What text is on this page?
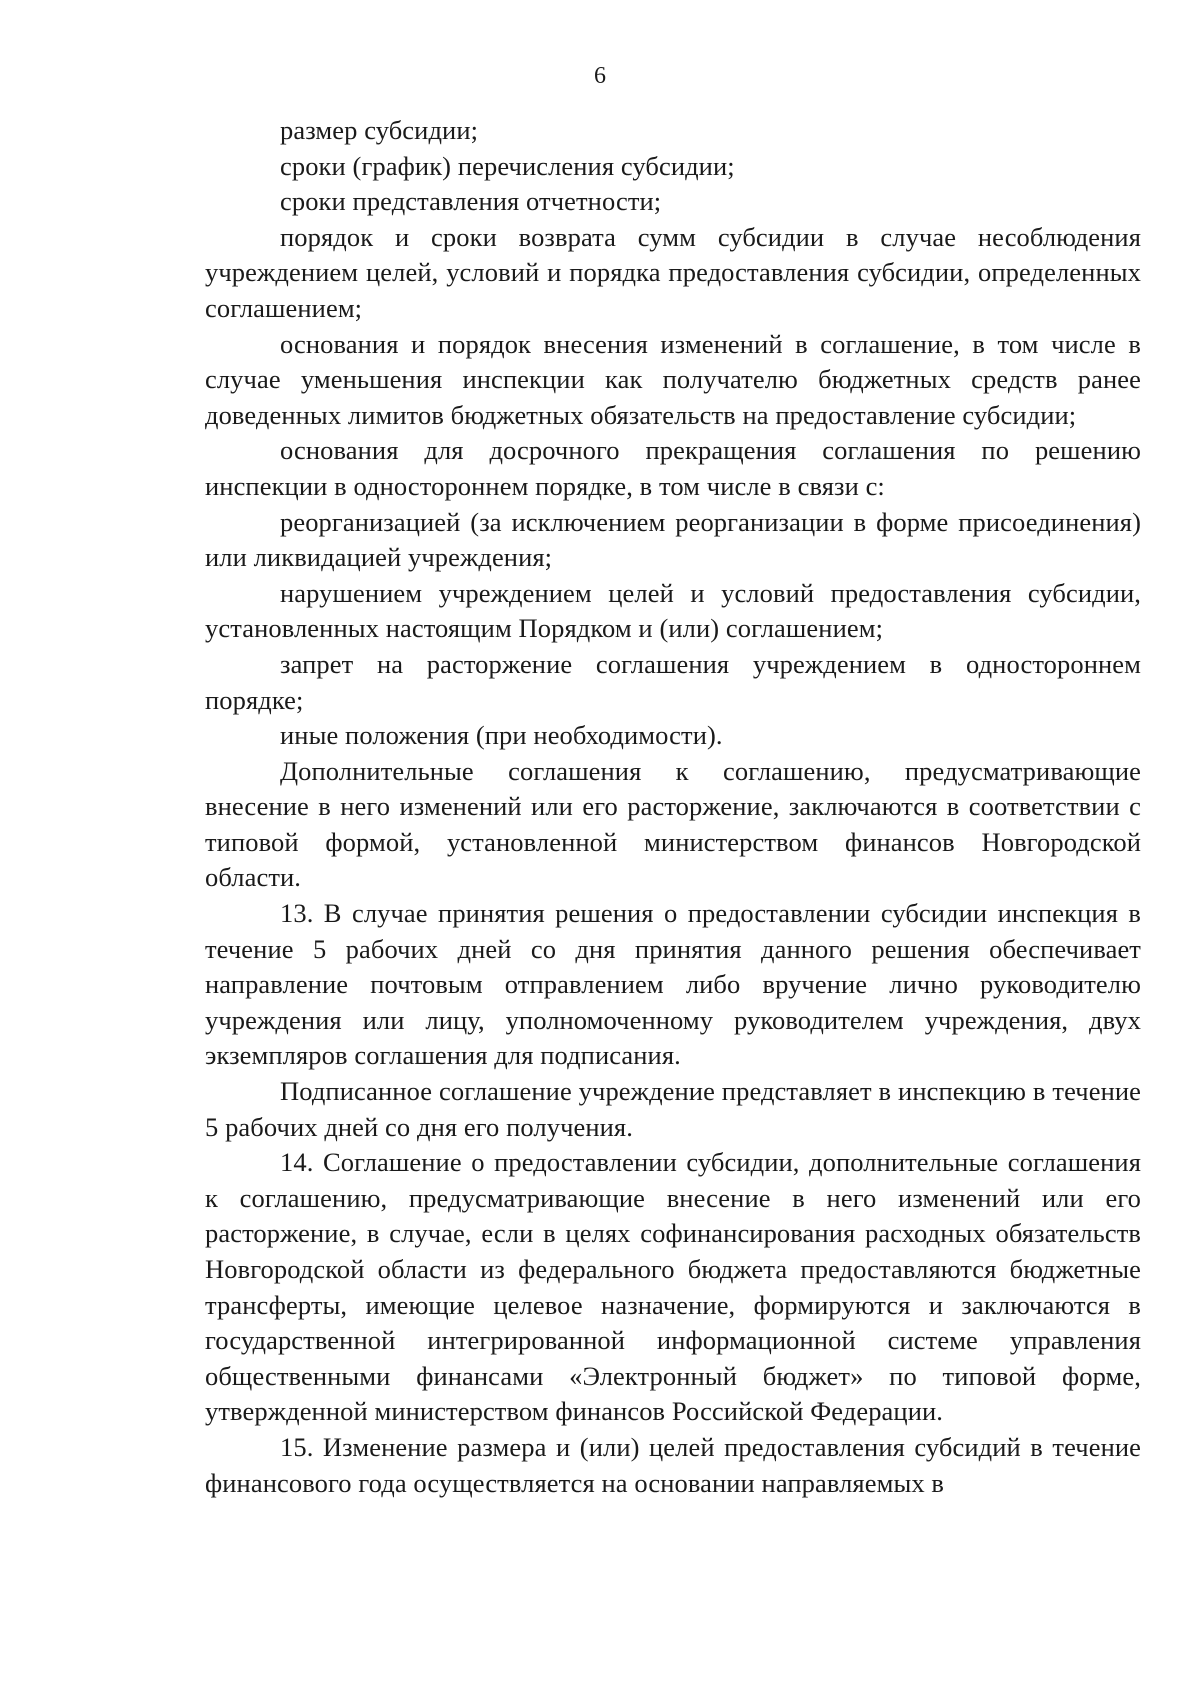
6

размер субсидии;

сроки (график) перечисления субсидии;

сроки представления отчетности;

порядок и сроки возврата сумм субсидии в случае несоблюдения учреждением целей, условий и порядка предоставления субсидии, определенных соглашением;

основания и порядок внесения изменений в соглашение, в том числе в случае уменьшения инспекции как получателю бюджетных средств ранее доведенных лимитов бюджетных обязательств на предоставление субсидии;

основания для досрочного прекращения соглашения по решению инспекции в одностороннем порядке, в том числе в связи с:

реорганизацией (за исключением реорганизации в форме присоединения) или ликвидацией учреждения;

нарушением учреждением целей и условий предоставления субсидии, установленных настоящим Порядком и (или) соглашением;

запрет на расторжение соглашения учреждением в одностороннем порядке;

иные положения (при необходимости).

Дополнительные соглашения к соглашению, предусматривающие внесение в него изменений или его расторжение, заключаются в соответствии с типовой формой, установленной министерством финансов Новгородской области.

13. В случае принятия решения о предоставлении субсидии инспекция в течение 5 рабочих дней со дня принятия данного решения обеспечивает направление почтовым отправлением либо вручение лично руководителю учреждения или лицу, уполномоченному руководителем учреждения, двух экземпляров соглашения для подписания.

Подписанное соглашение учреждение представляет в инспекцию в течение 5 рабочих дней со дня его получения.

14. Соглашение о предоставлении субсидии, дополнительные соглашения к соглашению, предусматривающие внесение в него изменений или его расторжение, в случае, если в целях софинансирования расходных обязательств Новгородской области из федерального бюджета предоставляются бюджетные трансферты, имеющие целевое назначение, формируются и заключаются в государственной интегрированной информационной системе управления общественными финансами «Электронный бюджет» по типовой форме, утвержденной министерством финансов Российской Федерации.

15. Изменение размера и (или) целей предоставления субсидий в течение финансового года осуществляется на основании направляемых в
